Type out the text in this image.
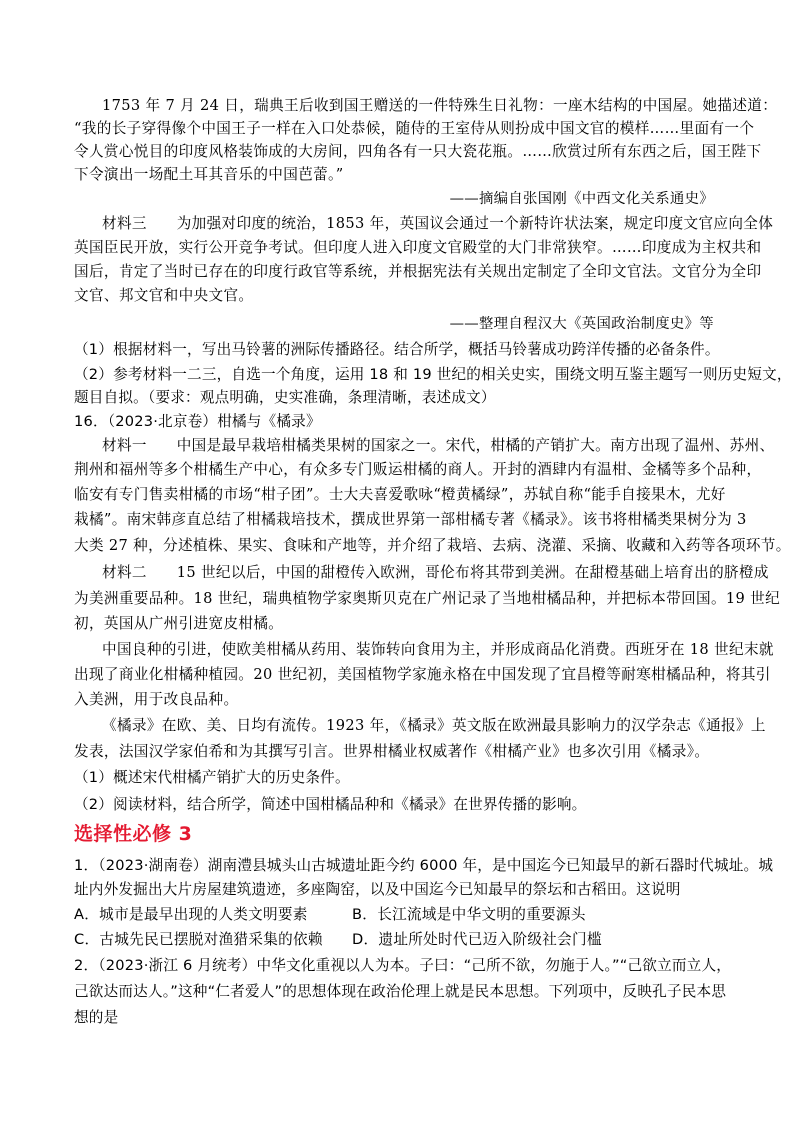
1753 年 7 月 24 日，瑞典王后收到国王赠送的一件特殊生日礼物：一座木结构的中国屋。她描述道：
“我的长子穿得像个中国王子一样在入口处恭候，随侍的王室侍从则扮成中国文官的模样……里面有一个
令人赏心悦目的印度风格装饰成的大房间，四角各有一只大瓷花瓶。……欣赏过所有东西之后，国王陛下
下令演出一场配土耳其音乐的中国芭蕾。”
——摘编自张国刚《中西文化关系通史》
材料三　　为加强对印度的统治，1853 年，英国议会通过一个新特许状法案，规定印度文官应向全体
英国臣民开放，实行公开竞争考试。但印度人进入印度文官殿堂的大门非常狭窄。……印度成为主权共和
国后，肯定了当时已存在的印度行政官等系统，并根据宪法有关规出定制定了全印文官法。文官分为全印
文官、邦文官和中央文官。
——整理自程汉大《英国政治制度史》等
（1）根据材料一，写出马铃薯的洲际传播路径。结合所学，概括马铃薯成功跨洋传播的必备条件。
（2）参考材料一二三，自选一个角度，运用 18 和 19 世纪的相关史实，围绕文明互鉴主题写一则历史短文，
题目自拟。（要求：观点明确，史实准确，条理清晰，表述成文）
16．（2023·北京卷）柑橘与《橘录》
材料一　　中国是最早栽培柑橘类果树的国家之一。宋代，柑橘的产销扩大。南方出现了温州、苏州、
荆州和福州等多个柑橘生产中心，有众多专门贩运柑橘的商人。开封的酒肆内有温柑、金橘等多个品种，
临安有专门售卖柑橘的市场“柑子团”。士大夫喜爱歌咏“橙黄橘绿”，苏轼自称“能手自接果木，尤好
栽橘”。南宋韩彦直总结了柑橘栽培技术，撰成世界第一部柑橘专著《橘录》。该书将柑橘类果树分为 3
大类 27 种，分述植株、果实、食味和产地等，并介绍了栽培、去病、浇灌、采摘、收藏和入药等各项环节。
材料二　　15 世纪以后，中国的甜橙传入欧洲，哥伦布将其带到美洲。在甜橙基础上培育出的脐橙成
为美洲重要品种。18 世纪，瑞典植物学家奥斯贝克在广州记录了当地柑橘品种，并把标本带回国。19 世纪
初，英国从广州引进宽皮柑橘。
中国良种的引进，使欧美柑橘从药用、装饰转向食用为主，并形成商品化消费。西班牙在 18 世纪末就
出现了商业化柑橘种植园。20 世纪初，美国植物学家施永格在中国发现了宜昌橙等耐寒柑橘品种，将其引
入美洲，用于改良品种。
《橘录》在欧、美、日均有流传。1923 年，《橘录》英文版在欧洲最具影响力的汉学杂志《通报》上
发表，法国汉学家伯希和为其撰写引言。世界柑橘业权威著作《柑橘产业》也多次引用《橘录》。
（1）概述宋代柑橘产销扩大的历史条件。
（2）阅读材料，结合所学，简述中国柑橘品种和《橘录》在世界传播的影响。
选择性必修 3
1．（2023·湖南卷）湖南澧县城头山古城遗址距今约 6000 年，是中国迄今已知最早的新石器时代城址。城
址内外发掘出大片房屋建筑遗迹，多座陶窑，以及中国迄今已知最早的祭坛和古稻田。这说明
A．城市是最早出现的人类文明要素	B．长江流域是中华文明的重要源头
C．古城先民已摆脱对渔猎采集的依赖 D．遗址所处时代已迈入阶级社会门槛
2．（2023·浙江 6 月统考）中华文化重视以人为本。子曰：“己所不欲，勿施于人。”“己欲立而立人，
己欲达而达人。”这种“仁者爱人”的思想体现在政治伦理上就是民本思想。下列项中，反映孔子民本思
想的是
